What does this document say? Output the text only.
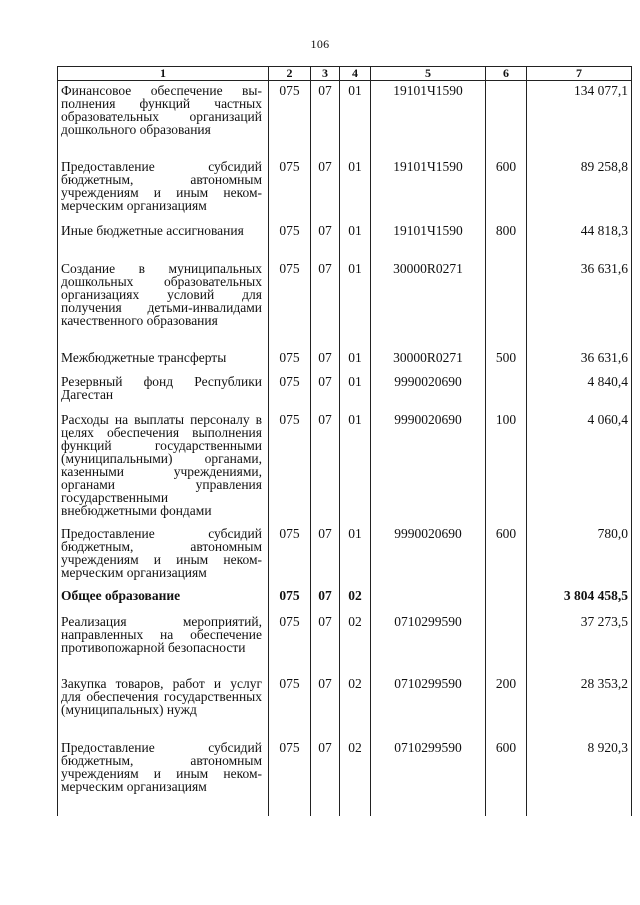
106
1	2	3	4	5	6	7
Финансовое обеспечение выполнения функций частных образовательных организаций дошкольного образования	075	07	01	19101Ч1590		134 077,1
Предоставление субсидий бюджетным, автономным учреждениям и иным некоммерческим организациям	075	07	01	19101Ч1590	600	89 258,8
Иные бюджетные ассигнования	075	07	01	19101Ч1590	800	44 818,3
Создание в муниципальных дошкольных образовательных организациях условий для получения детьми-инвалидами качественного образования	075	07	01	30000R0271		36 631,6
Межбюджетные трансферты	075	07	01	30000R0271	500	36 631,6
Резервный фонд Республики Дагестан	075	07	01	9990020690		4 840,4
Расходы на выплаты персоналу в целях обеспечения выполнения функций государственными (муниципальными) органами, казенными учреждениями, органами управления государственными внебюджетными фондами	075	07	01	9990020690	100	4 060,4
Предоставление субсидий бюджетным, автономным учреждениям и иным некоммерческим организациям	075	07	01	9990020690	600	780,0
Общее образование	075	07	02			3 804 458,5
Реализация мероприятий, направленных на обеспечение противопожарной безопасности	075	07	02	0710299590		37 273,5
Закупка товаров, работ и услуг для обеспечения государственных (муниципальных) нужд	075	07	02	0710299590	200	28 353,2
Предоставление субсидий бюджетным, автономным учреждениям и иным некоммерческим организациям	075	07	02	0710299590	600	8 920,3
